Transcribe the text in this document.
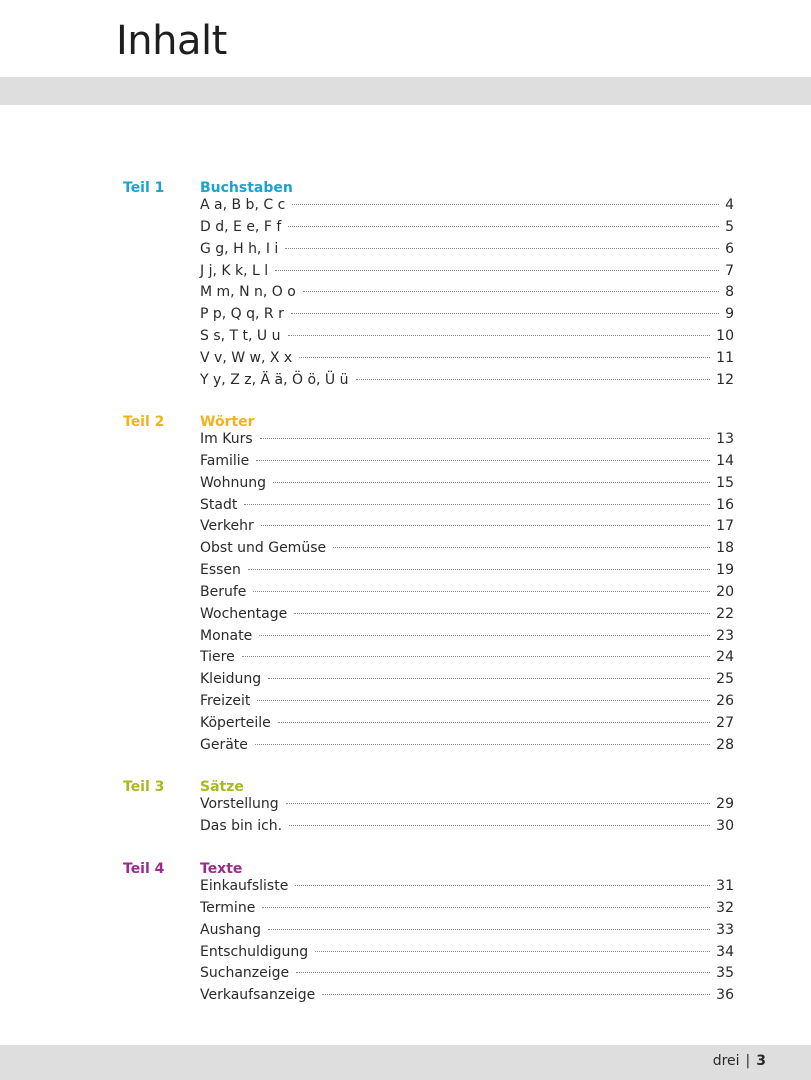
Inhalt
Teil 1	Buchstaben
A a, B b, C c	4
D d, E e, F f	5
G g, H h, I i	6
J j, K k, L l	7
M m, N n, O o	8
P p, Q q, R r	9
S s, T t, U u	10
V v, W w, X x	11
Y y, Z z, Ä ä, Ö ö, Ü ü	12
Teil 2	Wörter
Im Kurs	13
Familie	14
Wohnung	15
Stadt	16
Verkehr	17
Obst und Gemüse	18
Essen	19
Berufe	20
Wochentage	22
Monate	23
Tiere	24
Kleidung	25
Freizeit	26
Köperteile	27
Geräte	28
Teil 3	Sätze
Vorstellung	29
Das bin ich.	30
Teil 4	Texte
Einkaufsliste	31
Termine	32
Aushang	33
Entschuldigung	34
Suchanzeige	35
Verkaufsanzeige	36
drei | 3
